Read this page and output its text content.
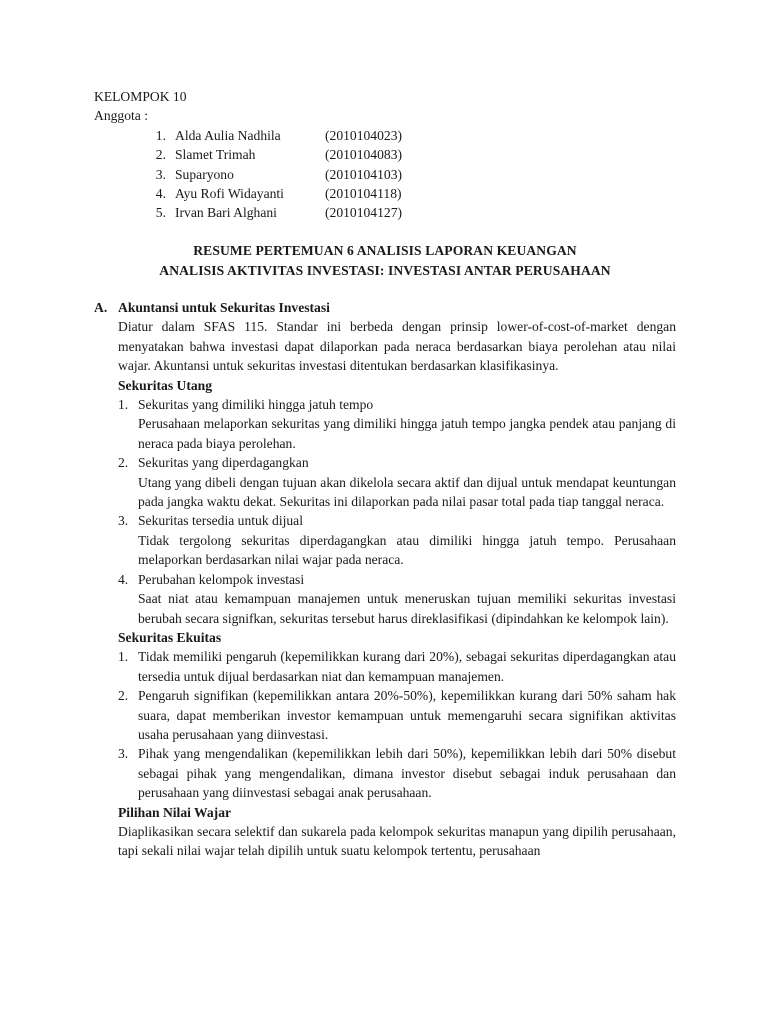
KELOMPOK 10
Anggota :
1. Alda Aulia Nadhila	(2010104023)
2. Slamet Trimah	(2010104083)
3. Suparyono	(2010104103)
4. Ayu Rofi Widayanti	(2010104118)
5. Irvan Bari Alghani	(2010104127)
RESUME PERTEMUAN 6 ANALISIS LAPORAN KEUANGAN
ANALISIS AKTIVITAS INVESTASI: INVESTASI ANTAR PERUSAHAAN
A. Akuntansi untuk Sekuritas Investasi
Diatur dalam SFAS 115. Standar ini berbeda dengan prinsip lower-of-cost-of-market dengan menyatakan bahwa investasi dapat dilaporkan pada neraca berdasarkan biaya perolehan atau nilai wajar. Akuntansi untuk sekuritas investasi ditentukan berdasarkan klasifikasinya.
Sekuritas Utang
1. Sekuritas yang dimiliki hingga jatuh tempo

Perusahaan melaporkan sekuritas yang dimiliki hingga jatuh tempo jangka pendek atau panjang di neraca pada biaya perolehan.

2. Sekuritas yang diperdagangkan

Utang yang dibeli dengan tujuan akan dikelola secara aktif dan dijual untuk mendapat keuntungan pada jangka waktu dekat. Sekuritas ini dilaporkan pada nilai pasar total pada tiap tanggal neraca.

3. Sekuritas tersedia untuk dijual

Tidak tergolong sekuritas diperdagangkan atau dimiliki hingga jatuh tempo. Perusahaan melaporkan berdasarkan nilai wajar pada neraca.

4. Perubahan kelompok investasi

Saat niat atau kemampuan manajemen untuk meneruskan tujuan memiliki sekuritas investasi berubah secara signifkan, sekuritas tersebut harus direklasifikasi (dipindahkan ke kelompok lain).

Sekuritas Ekuitas
1. Tidak memiliki pengaruh (kepemilikkan kurang dari 20%), sebagai sekuritas diperdagangkan atau tersedia untuk dijual berdasarkan niat dan kemampuan manajemen.

2. Pengaruh signifikan (kepemilikkan antara 20%-50%), kepemilikkan kurang dari 50% saham hak suara, dapat memberikan investor kemampuan untuk memengaruhi secara signifikan aktivitas usaha perusahaan yang diinvestasi.

3. Pihak yang mengendalikan (kepemilikkan lebih dari 50%), kepemilikkan lebih dari 50% disebut sebagai pihak yang mengendalikan, dimana investor disebut sebagai induk perusahaan dan perusahaan yang diinvestasi sebagai anak perusahaan.

Pilihan Nilai Wajar
Diaplikasikan secara selektif dan sukarela pada kelompok sekuritas manapun yang dipilih perusahaan, tapi sekali nilai wajar telah dipilih untuk suatu kelompok tertentu, perusahaan
